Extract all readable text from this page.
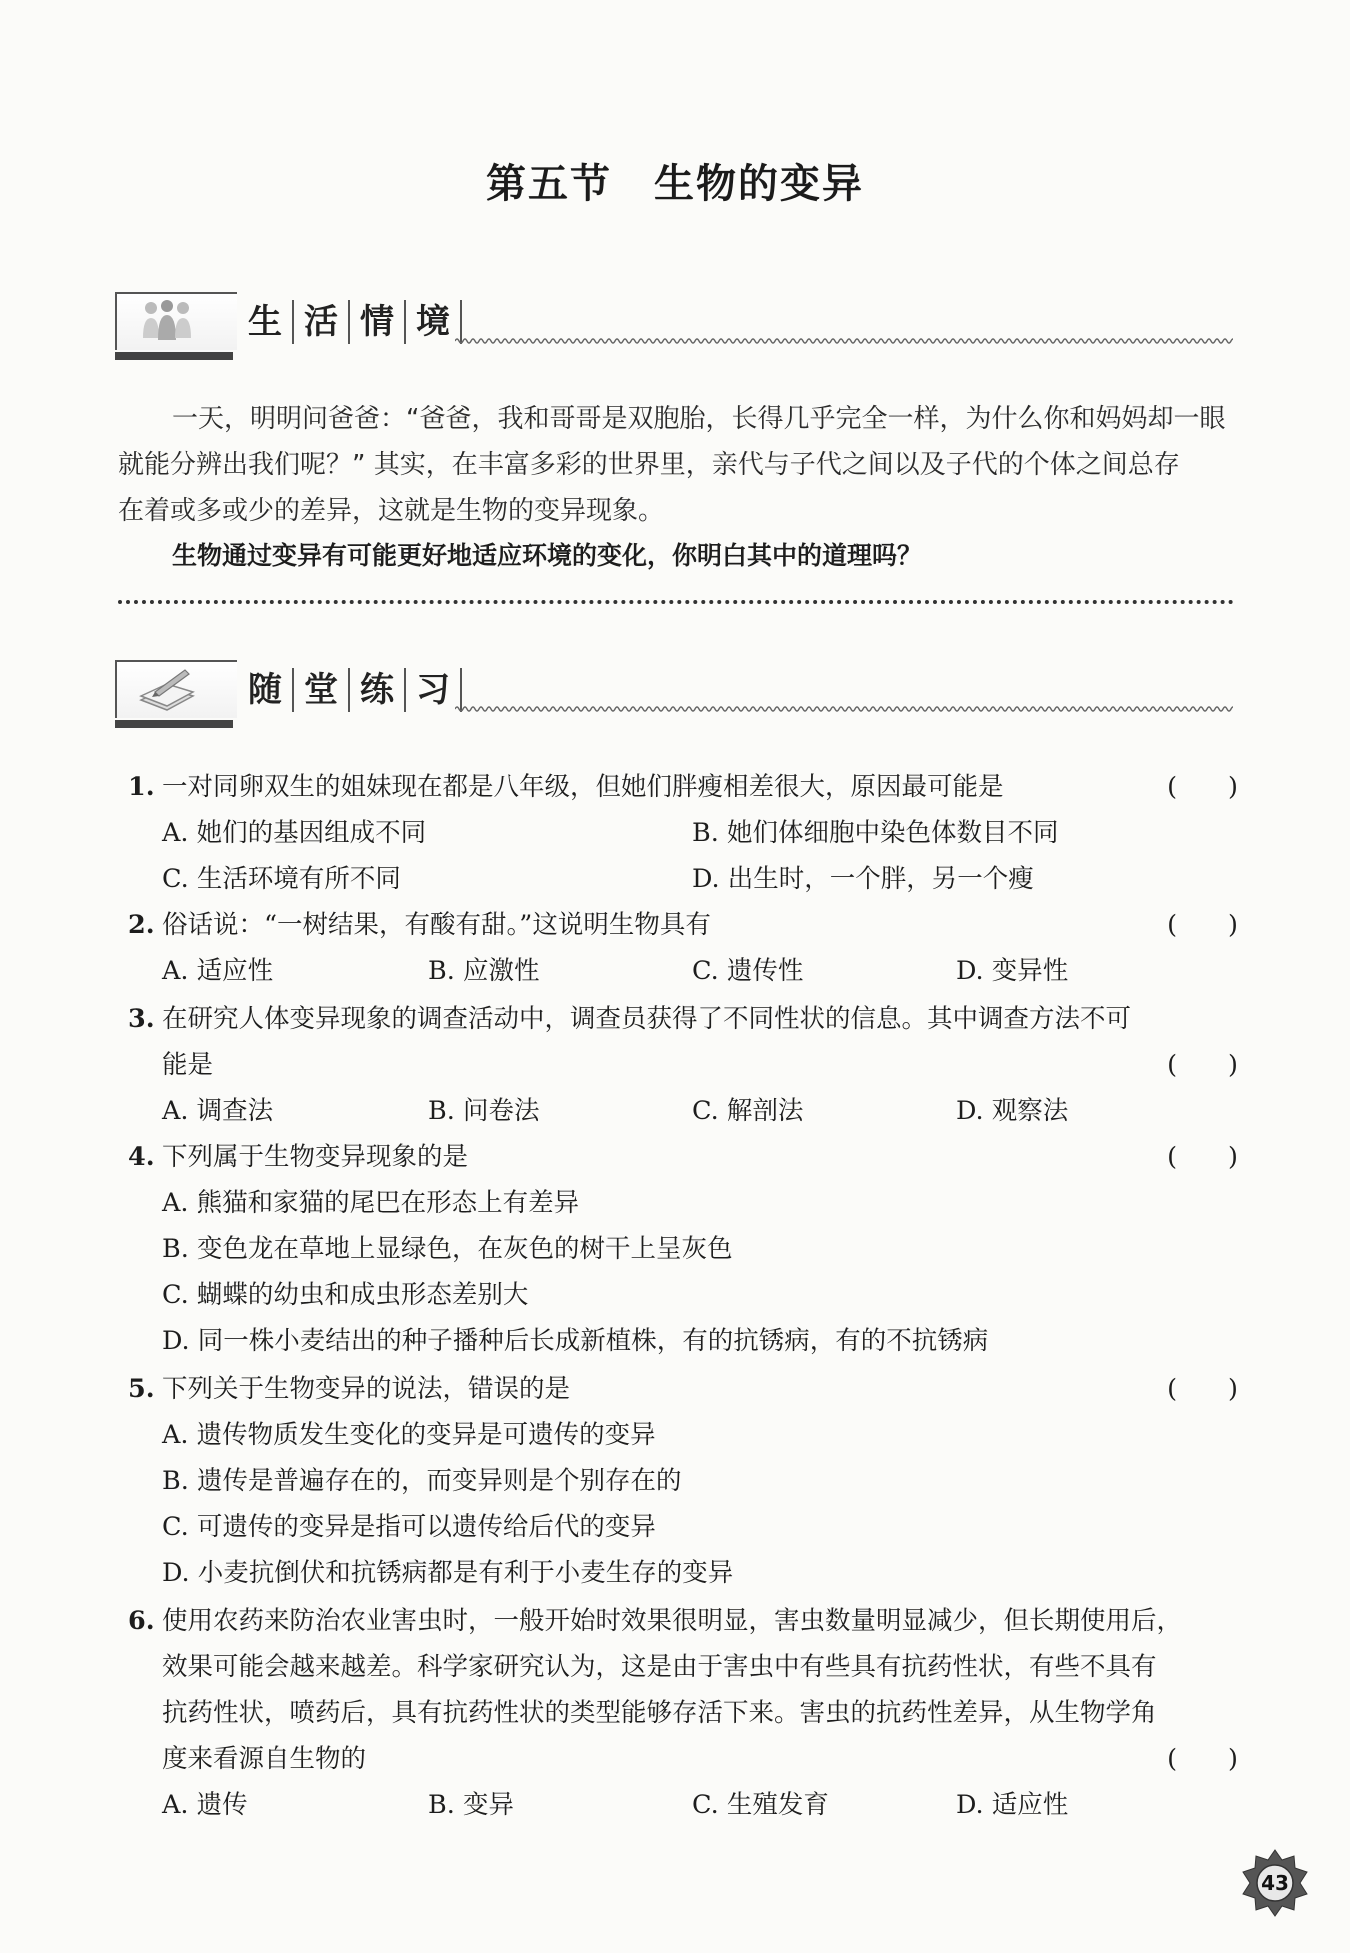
第五节　生物的变异
生 活 情 境
一天，明明问爸爸：“爸爸，我和哥哥是双胞胎，长得几乎完全一样，为什么你和妈妈却一眼
就能分辨出我们呢？” 其实，在丰富多彩的世界里，亲代与子代之间以及子代的个体之间总存
在着或多或少的差异，这就是生物的变异现象。
生物通过变异有可能更好地适应环境的变化，你明白其中的道理吗？
随 堂 练 习
1. 一对同卵双生的姐妹现在都是八年级，但她们胖瘦相差很大，原因最可能是	(　　)
A. 她们的基因组成不同	B. 她们体细胞中染色体数目不同
C. 生活环境有所不同	D. 出生时，一个胖，另一个瘦
2. 俗话说：“一树结果，有酸有甜。”这说明生物具有	(　　)
A. 适应性	B. 应激性	C. 遗传性	D. 变异性
3. 在研究人体变异现象的调查活动中，调查员获得了不同性状的信息。其中调查方法不可
能是	(　　)
A. 调查法	B. 问卷法	C. 解剖法	D. 观察法
4. 下列属于生物变异现象的是	(　　)
A. 熊猫和家猫的尾巴在形态上有差异
B. 变色龙在草地上显绿色，在灰色的树干上呈灰色
C. 蝴蝶的幼虫和成虫形态差别大
D. 同一株小麦结出的种子播种后长成新植株，有的抗锈病，有的不抗锈病
5. 下列关于生物变异的说法，错误的是	(　　)
A. 遗传物质发生变化的变异是可遗传的变异
B. 遗传是普遍存在的，而变异则是个别存在的
C. 可遗传的变异是指可以遗传给后代的变异
D. 小麦抗倒伏和抗锈病都是有利于小麦生存的变异
6. 使用农药来防治农业害虫时，一般开始时效果很明显，害虫数量明显减少，但长期使用后，
效果可能会越来越差。科学家研究认为，这是由于害虫中有些具有抗药性状，有些不具有
抗药性状，喷药后，具有抗药性状的类型能够存活下来。害虫的抗药性差异，从生物学角
度来看源自生物的	(　　)
A. 遗传	B. 变异	C. 生殖发育	D. 适应性
43
